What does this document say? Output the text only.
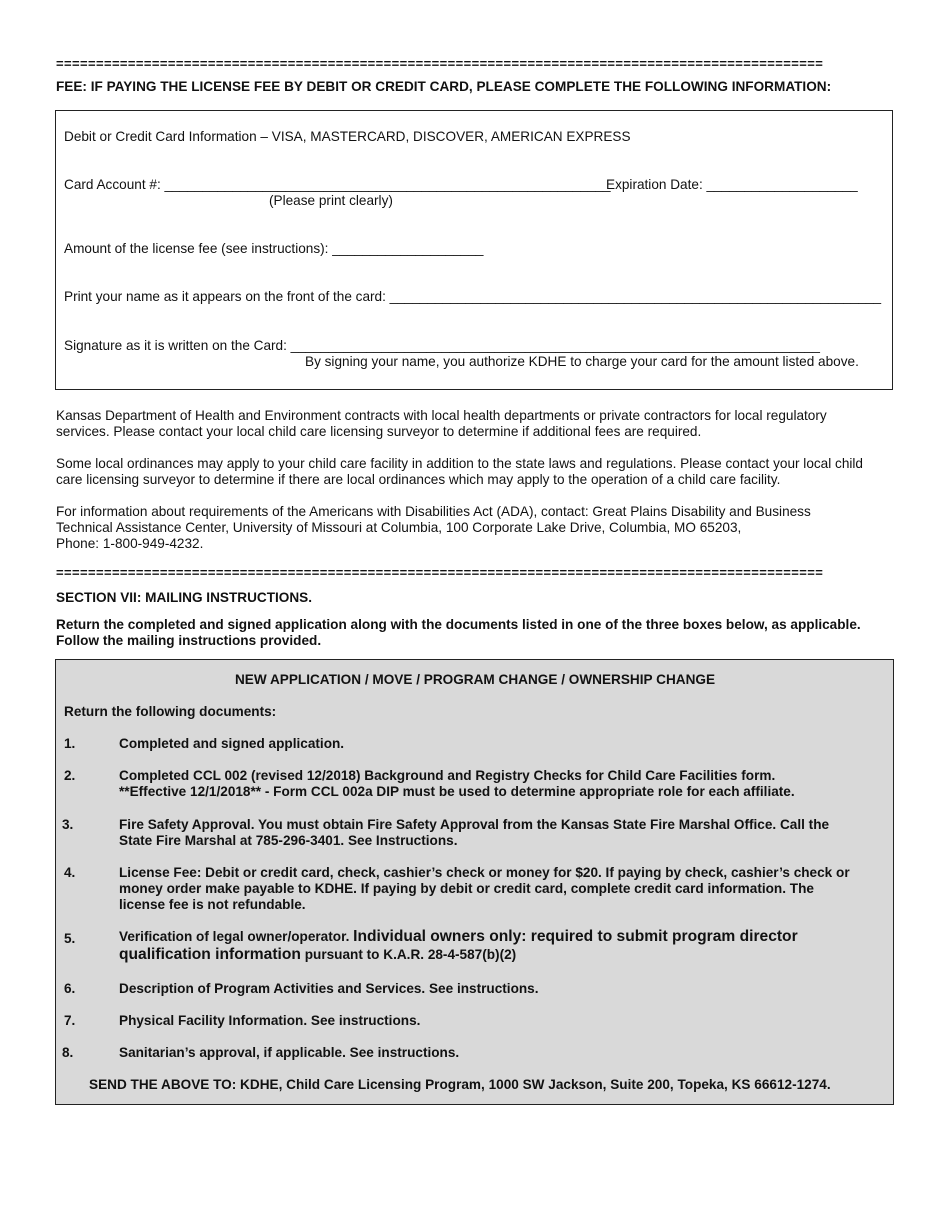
================================================================================================
FEE: IF PAYING THE LICENSE FEE BY DEBIT OR CREDIT CARD, PLEASE COMPLETE THE FOLLOWING INFORMATION:
Debit or Credit Card Information – VISA, MASTERCARD, DISCOVER, AMERICAN EXPRESS
Card Account #: ___________________________________________________________
Expiration Date: ____________________
(Please print clearly)
Amount of the license fee (see instructions): ____________________
Print your name as it appears on the front of the card: _________________________________________________________________
Signature as it is written on the Card: ______________________________________________________________________
By signing your name, you authorize KDHE to charge your card for the amount listed above.
Kansas Department of Health and Environment contracts with local health departments or private contractors for local regulatory
services. Please contact your local child care licensing surveyor to determine if additional fees are required.
Some local ordinances may apply to your child care facility in addition to the state laws and regulations. Please contact your local child
care licensing surveyor to determine if there are local ordinances which may apply to the operation of a child care facility.
For information about requirements of the Americans with Disabilities Act (ADA), contact: Great Plains Disability and Business
Technical Assistance Center, University of Missouri at Columbia, 100 Corporate Lake Drive, Columbia, MO 65203,
Phone: 1-800-949-4232.
================================================================================================
SECTION VII: MAILING INSTRUCTIONS.
Return the completed and signed application along with the documents listed in one of the three boxes below, as applicable.
Follow the mailing instructions provided.
NEW APPLICATION / MOVE / PROGRAM CHANGE / OWNERSHIP CHANGE
Return the following documents:
1.	Completed and signed application.
2.	Completed CCL 002 (revised 12/2018) Background and Registry Checks for Child Care Facilities form.
**Effective 12/1/2018** - Form CCL 002a DIP must be used to determine appropriate role for each affiliate.
3.	Fire Safety Approval. You must obtain Fire Safety Approval from the Kansas State Fire Marshal Office. Call the
State Fire Marshal at 785-296-3401. See Instructions.
4.	License Fee: Debit or credit card, check, cashier’s check or money for $20. If paying by check, cashier’s check or
money order make payable to KDHE. If paying by debit or credit card, complete credit card information. The
license fee is not refundable.
5.	Verification of legal owner/operator. Individual owners only: required to submit program director
qualification information pursuant to K.A.R. 28-4-587(b)(2)
6.	Description of Program Activities and Services. See instructions.
7.	Physical Facility Information. See instructions.
8.	Sanitarian’s approval, if applicable. See instructions.
SEND THE ABOVE TO: KDHE, Child Care Licensing Program, 1000 SW Jackson, Suite 200, Topeka, KS 66612-1274.
